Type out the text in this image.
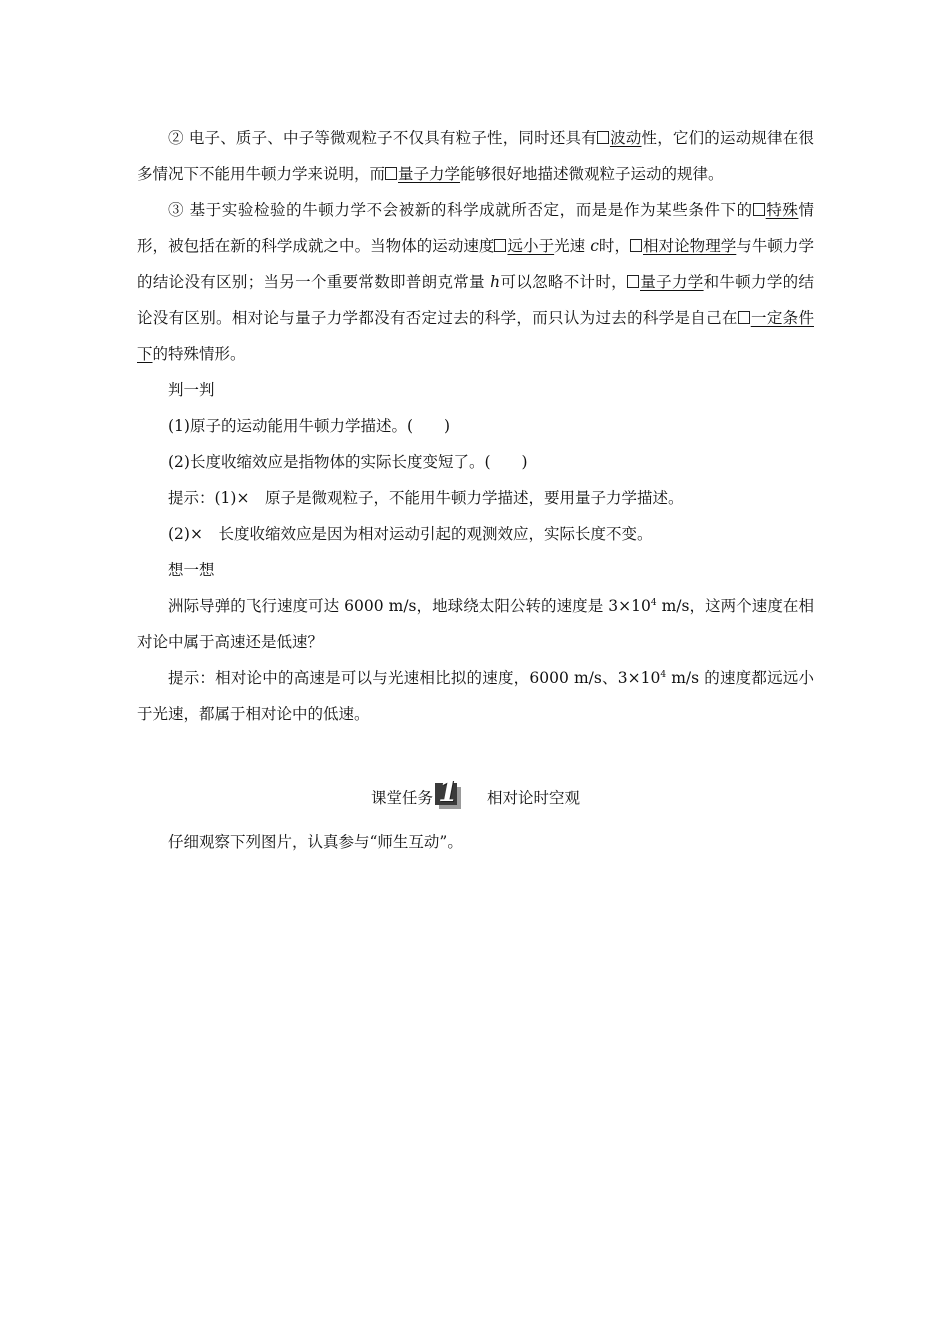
② 电子、质子、中子等微观粒子不仅具有粒子性，同时还具有 波动性，它们的运动规律在很多情况下不能用牛顿力学来说明，而 量子力学能够很好地描述微观粒子运动的规律。

③ 基于实验检验的牛顿力学不会被新的科学成就所否定，而是是作为某些条件下的 特殊情形，被包括在新的科学成就之中。当物体的运动速度 远小于光速 c时， 相对论物理学与牛顿力学的结论没有区别；当另一个重要常数即普朗克常量 h可以忽略不计时， 量子力学和牛顿力学的结论没有区别。相对论与量子力学都没有否定过去的科学，而只认为过去的科学是自己在 一定条件下的特殊情形。

判一判

(1)原子的运动能用牛顿力学描述。(　　)

(2)长度收缩效应是指物体的实际长度变短了。(　　)

提示：(1)×　原子是微观粒子，不能用牛顿力学描述，要用量子力学描述。

(2)×　长度收缩效应是因为相对运动引起的观测效应，实际长度不变。

想一想

洲际导弹的飞行速度可达 6000 m/s，地球绕太阳公转的速度是 $3\times 10^4$ m/s，这两个速度在相对论中属于高速还是低速？

提示：相对论中的高速是可以与光速相比拟的速度，6000 m/s、$3\times 10^4$ m/s 的速度都远远小于光速，都属于相对论中的低速。

课堂任务 1 相对论时空观

仔细观察下列图片，认真参与“师生互动”。
